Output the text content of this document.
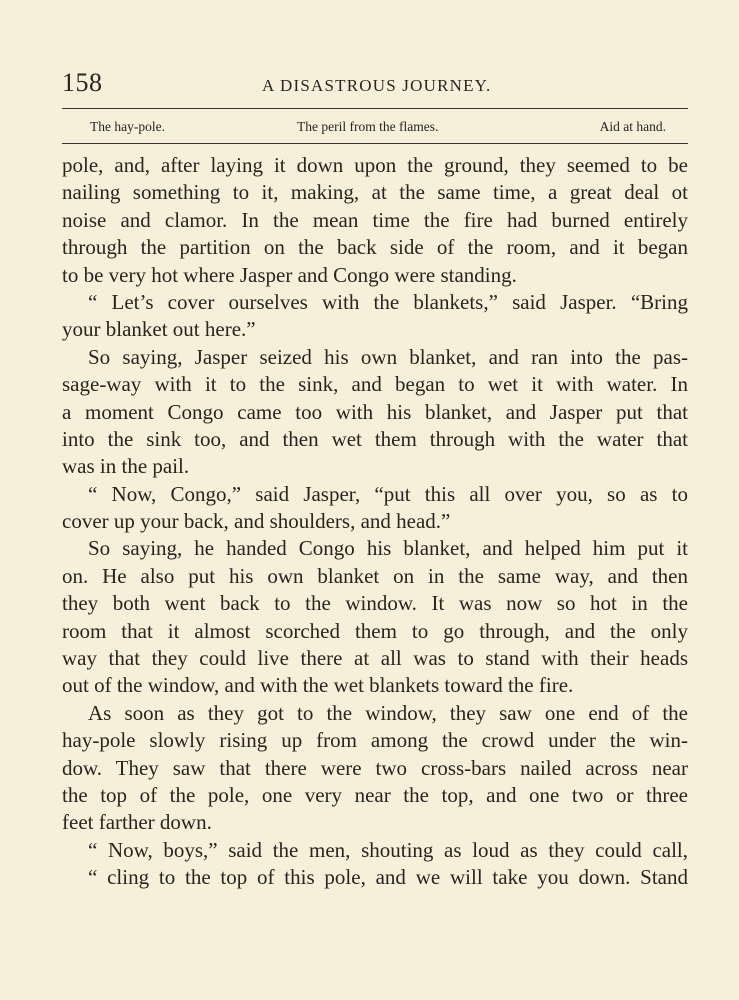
158	A DISASTROUS JOURNEY.
The hay-pole.	The peril from the flames.	Aid at hand.
pole, and, after laying it down upon the ground, they seemed to be
nailing something to it, making, at the same time, a great deal ot
noise and clamor. In the mean time the fire had burned entirely
through the partition on the back side of the room, and it began
to be very hot where Jasper and Congo were standing.
“ Let’s cover ourselves with the blankets,” said Jasper. “Bring
your blanket out here.”
So saying, Jasper seized his own blanket, and ran into the pas-
sage-way with it to the sink, and began to wet it with water. In
a moment Congo came too with his blanket, and Jasper put that
into the sink too, and then wet them through with the water that
was in the pail.
“ Now, Congo,” said Jasper, “put this all over you, so as to
cover up your back, and shoulders, and head.”
So saying, he handed Congo his blanket, and helped him put it
on. He also put his own blanket on in the same way, and then
they both went back to the window. It was now so hot in the
room that it almost scorched them to go through, and the only
way that they could live there at all was to stand with their heads
out of the window, and with the wet blankets toward the fire.
As soon as they got to the window, they saw one end of the
hay-pole slowly rising up from among the crowd under the win-
dow. They saw that there were two cross-bars nailed across near
the top of the pole, one very near the top, and one two or three
feet farther down.
“ Now, boys,” said the men, shouting as loud as they could call,
“ cling to the top of this pole, and we will take you down. Stand
